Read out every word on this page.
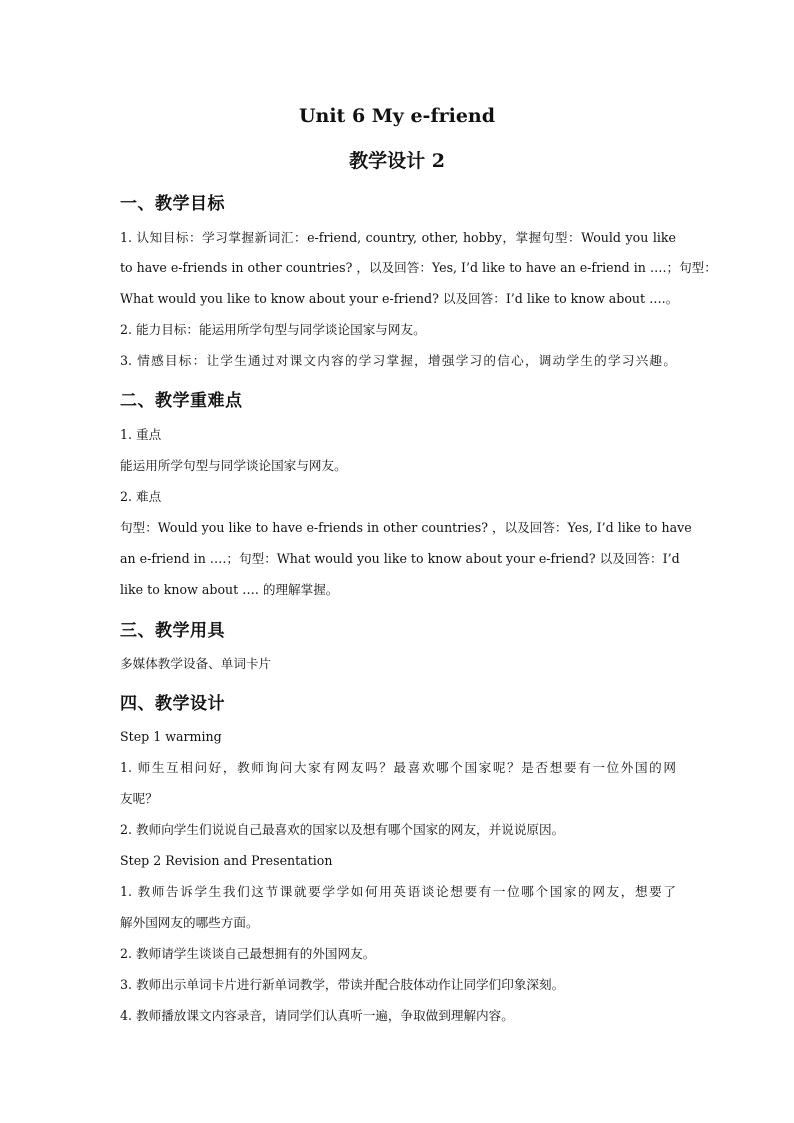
Unit 6 My e-friend
教学设计 2
一、教学目标
1. 认知目标：学习掌握新词汇：e-friend, country, other, hobby，掌握句型：Would you like
to have e-friends in other countries? ，以及回答：Yes, I’d like to have an e-friend in ….；句型：
What would you like to know about your e-friend? 以及回答：I’d like to know about ….。
2. 能力目标：能运用所学句型与同学谈论国家与网友。
3. 情感目标：让学生通过对课文内容的学习掌握，增强学习的信心，调动学生的学习兴趣。
二、教学重难点
1. 重点
能运用所学句型与同学谈论国家与网友。
2. 难点
句型：Would you like to have e-friends in other countries? ，以及回答：Yes, I’d like to have
an e-friend in ….；句型：What would you like to know about your e-friend? 以及回答：I’d
like to know about …. 的理解掌握。
三、教学用具
多媒体教学设备、单词卡片
四、教学设计
Step 1 warming
1. 师生互相问好，教师询问大家有网友吗？最喜欢哪个国家呢？是否想要有一位外国的网
友呢？
2. 教师向学生们说说自己最喜欢的国家以及想有哪个国家的网友，并说说原因。
Step 2 Revision and Presentation
1. 教师告诉学生我们这节课就要学学如何用英语谈论想要有一位哪个国家的网友，想要了
解外国网友的哪些方面。
2. 教师请学生谈谈自己最想拥有的外国网友。
3. 教师出示单词卡片进行新单词教学，带读并配合肢体动作让同学们印象深刻。
4. 教师播放课文内容录音，请同学们认真听一遍，争取做到理解内容。
